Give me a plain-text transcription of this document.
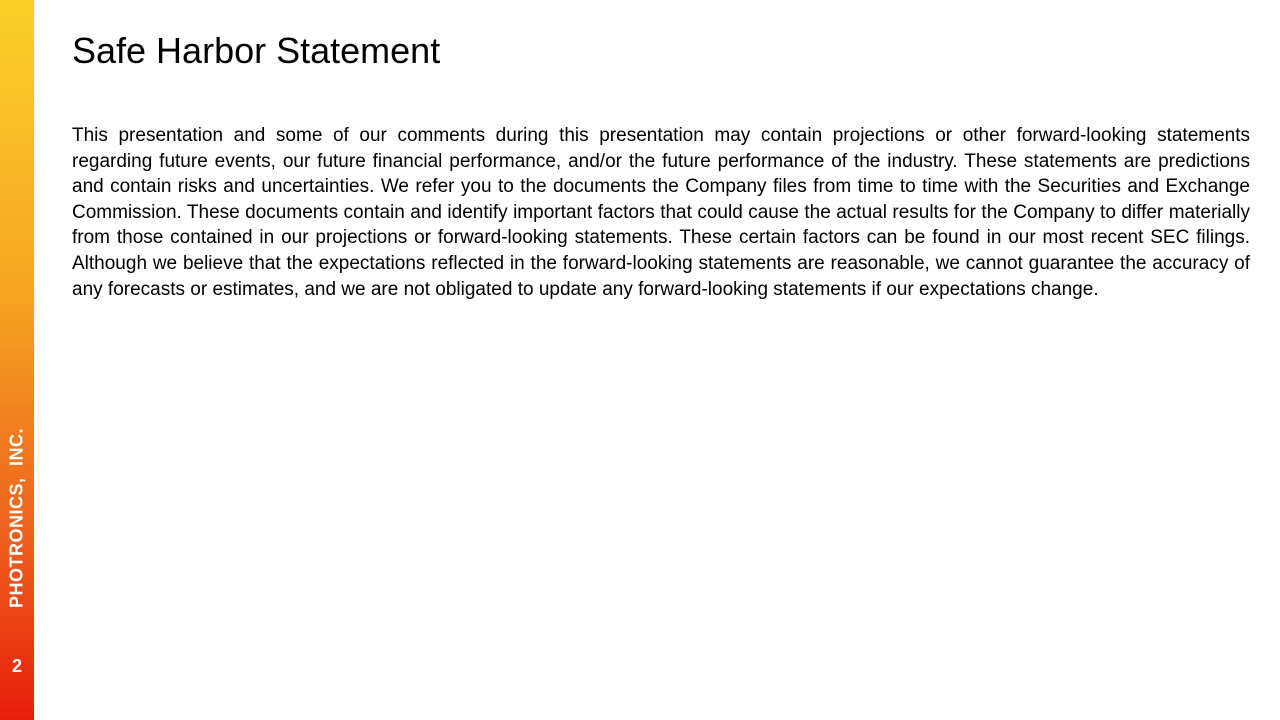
PHOTRONICS, INC.
2
Safe Harbor Statement

This presentation and some of our comments during this presentation may contain projections or other forward-looking statements regarding future events, our future financial performance, and/or the future performance of the industry. These statements are predictions and contain risks and uncertainties. We refer you to the documents the Company files from time to time with the Securities and Exchange Commission. These documents contain and identify important factors that could cause the actual results for the Company to differ materially from those contained in our projections or forward-looking statements. These certain factors can be found in our most recent SEC filings. Although we believe that the expectations reflected in the forward-looking statements are reasonable, we cannot guarantee the accuracy of any forecasts or estimates, and we are not obligated to update any forward-looking statements if our expectations change.
